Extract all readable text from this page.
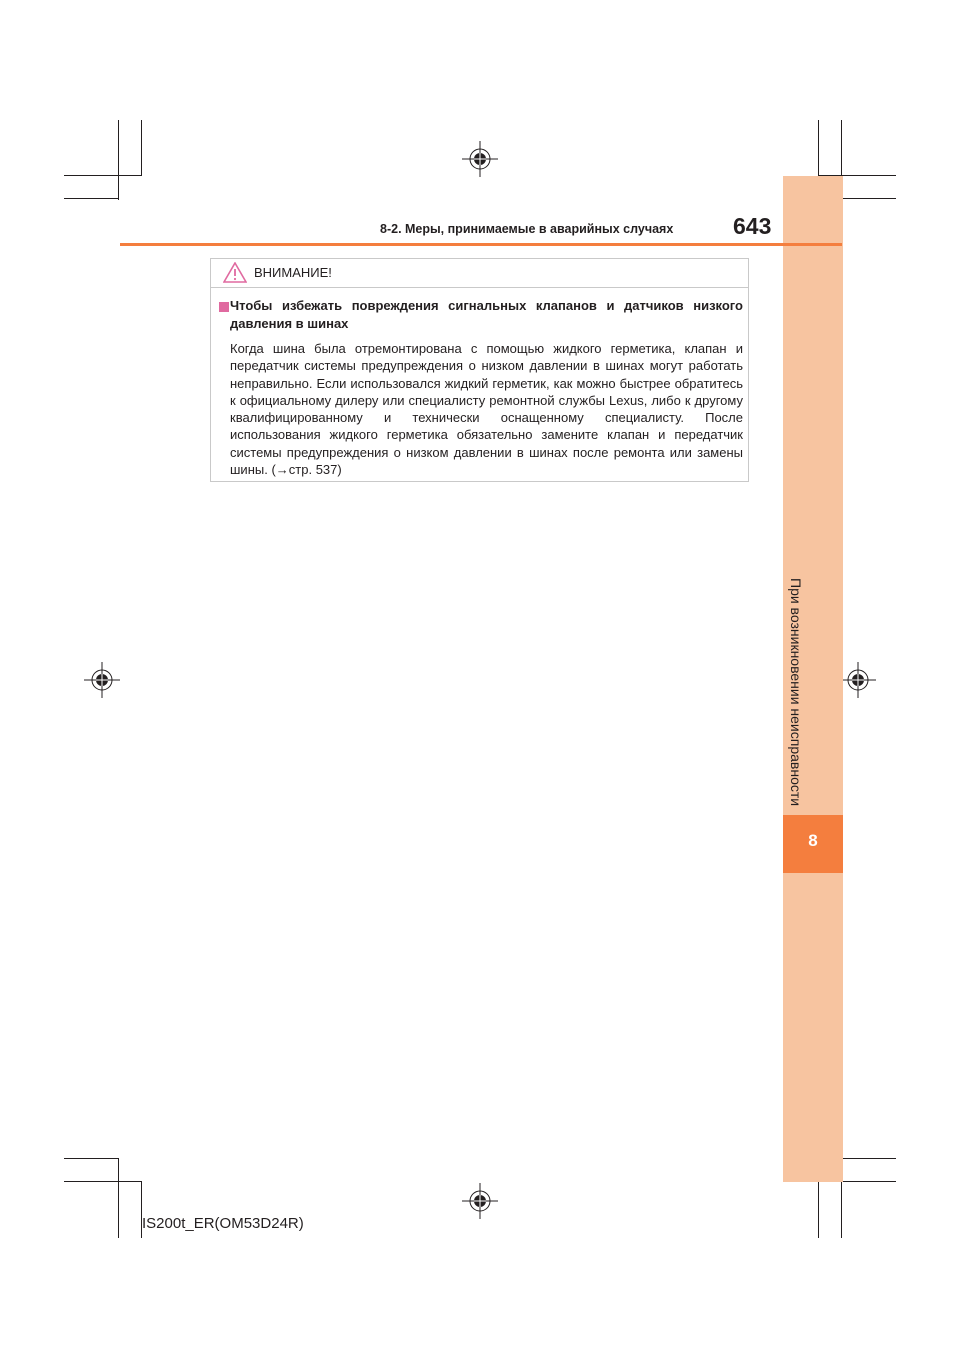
При возникновении неисправности
8
8-2. Меры, принимаемые в аварийных случаях	643
ВНИМАНИЕ!
Чтобы избежать повреждения сигнальных клапанов и датчиков низкого давления в шинах
Когда шина была отремонтирована с помощью жидкого герметика, клапан и передатчик системы предупреждения о низком давлении в шинах могут работать неправильно. Если использовался жидкий герметик, как можно быстрее обратитесь к официальному дилеру или специалисту ремонтной службы Lexus, либо к другому квалифицированному и технически оснащенному специалисту. После использования жидкого герметика обязательно замените клапан и передатчик системы предупреждения о низком давлении в шинах после ремонта или замены шины. (→стр. 537)
IS200t_ER(OM53D24R)
